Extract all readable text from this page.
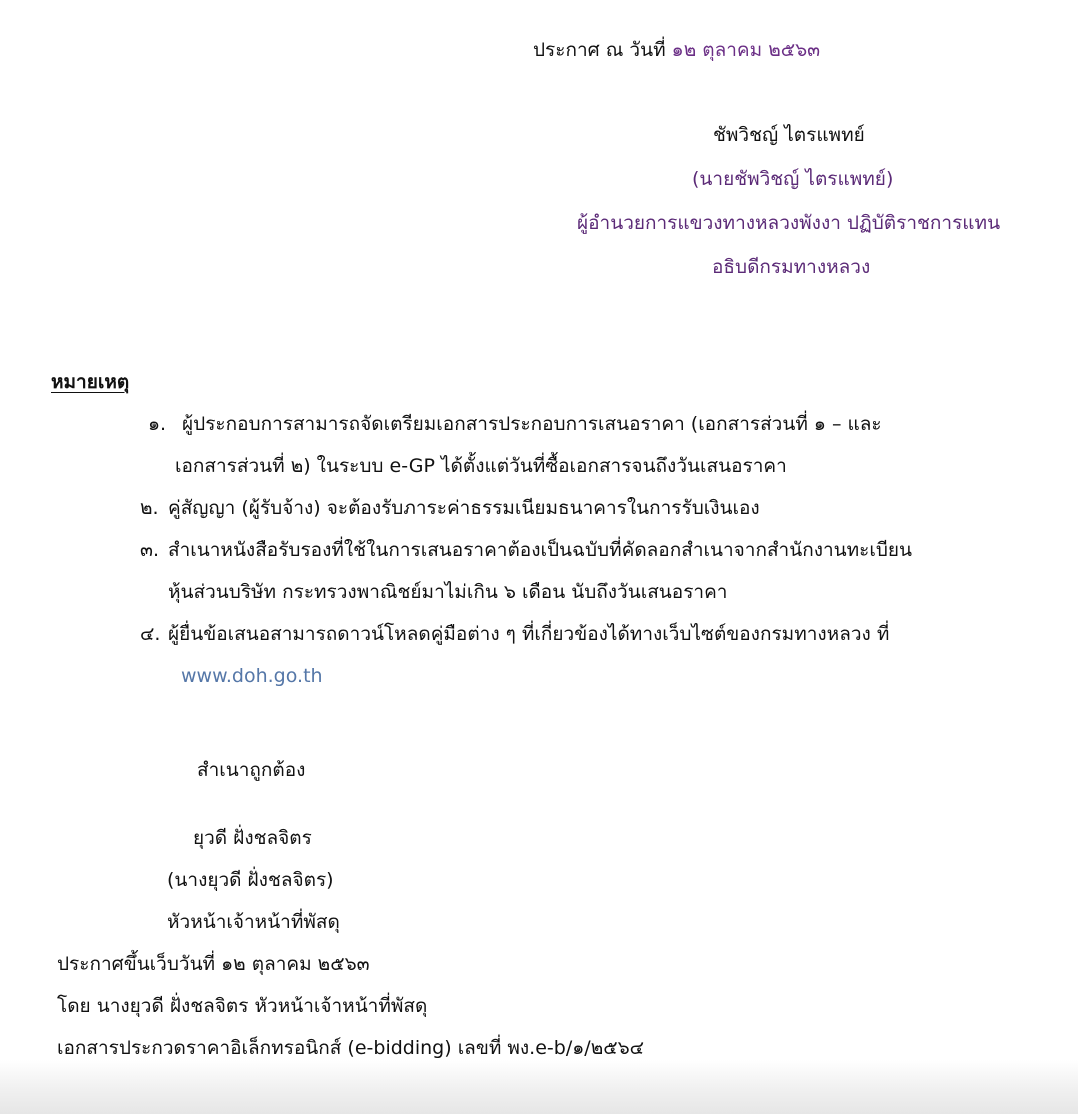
ประกาศ ณ วันที่ ๑๒ ตุลาคม ๒๕๖๓
ชัพวิชญ์ ไตรแพทย์
(นายชัพวิชญ์ ไตรแพทย์)
ผู้อำนวยการแขวงทางหลวงพังงา ปฏิบัติราชการแทน
อธิบดีกรมทางหลวง
หมายเหตุ
๑. ผู้ประกอบการสามารถจัดเตรียมเอกสารประกอบการเสนอราคา (เอกสารส่วนที่ ๑ – และ
เอกสารส่วนที่ ๒) ในระบบ e-GP ได้ตั้งแต่วันที่ซื้อเอกสารจนถึงวันเสนอราคา
๒. คู่สัญญา (ผู้รับจ้าง) จะต้องรับภาระค่าธรรมเนียมธนาคารในการรับเงินเอง
๓. สำเนาหนังสือรับรองที่ใช้ในการเสนอราคาต้องเป็นฉบับที่คัดลอกสำเนาจากสำนักงานทะเบียน
หุ้นส่วนบริษัท กระทรวงพาณิชย์มาไม่เกิน ๖ เดือน นับถึงวันเสนอราคา
๔. ผู้ยื่นข้อเสนอสามารถดาวน์โหลดคู่มือต่าง ๆ ที่เกี่ยวข้องได้ทางเว็บไซต์ของกรมทางหลวง ที่
www.doh.go.th
สำเนาถูกต้อง
ยุวดี ฝั่งชลจิตร
(นางยุวดี ฝั่งชลจิตร)
หัวหน้าเจ้าหน้าที่พัสดุ
ประกาศขึ้นเว็บวันที่ ๑๒ ตุลาคม ๒๕๖๓
โดย นางยุวดี ฝั่งชลจิตร หัวหน้าเจ้าหน้าที่พัสดุ
เอกสารประกวดราคาอิเล็กทรอนิกส์ (e-bidding) เลขที่ พง.e-b/๑/๒๕๖๔
